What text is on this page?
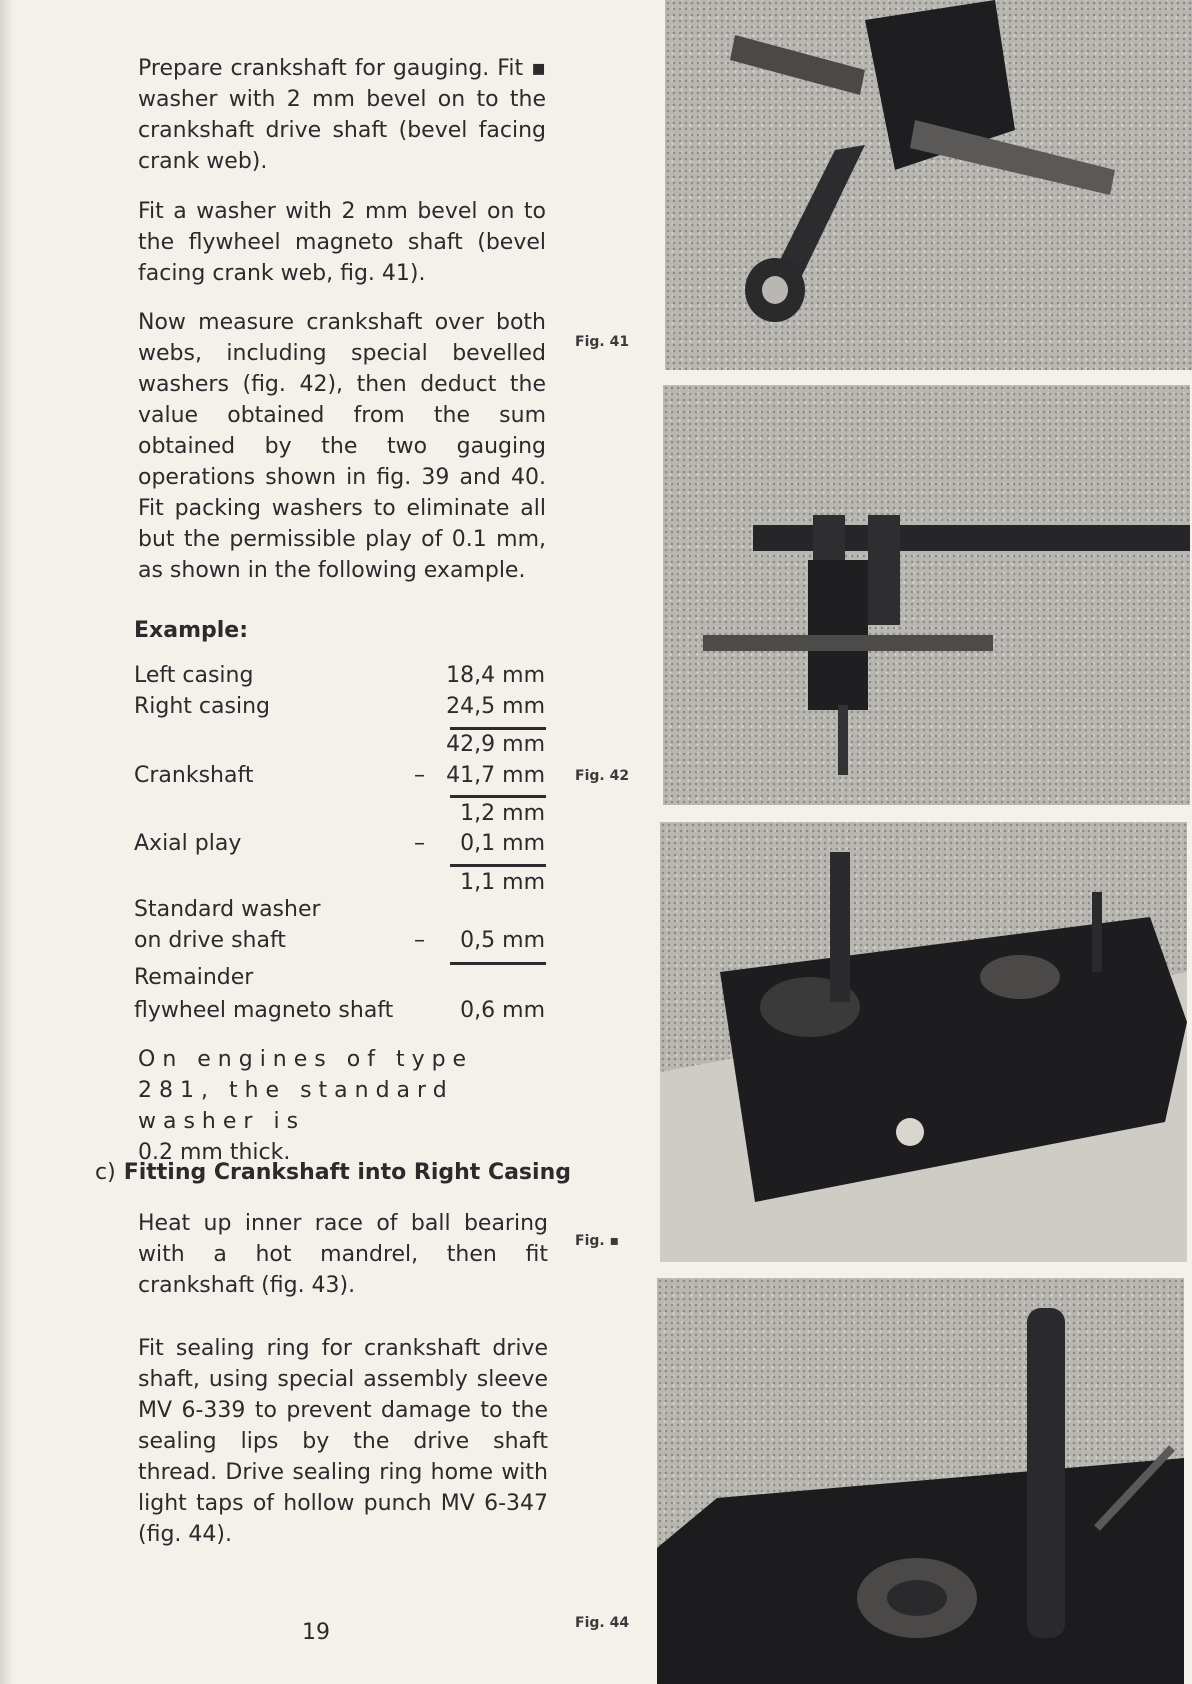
Prepare crankshaft for gauging. Fit ▪ washer with 2 mm bevel on to the crankshaft drive shaft (bevel facing crank web).

Fit a washer with 2 mm bevel on to the flywheel magneto shaft (bevel facing crank web, fig. 41).

Now measure crankshaft over both webs, including special bevelled washers (fig. 42), then deduct the value obtained from the sum obtained by the two gauging operations shown in fig. 39 and 40. Fit packing washers to eliminate all but the permissible play of 0.1 mm, as shown in the following example.

Example:
Left casing	18,4 mm
Right casing	24,5 mm
42,9 mm
Crankshaft	– 41,7 mm
1,2 mm
Axial play	–	0,1 mm
1,1 mm
Standard washer
on drive shaft	–	0,5 mm
Remainder
flywheel magneto shaft	0,6 mm

On engines of type 281, the standard washer is
0.2 mm thick.

c) Fitting Crankshaft into Right Casing

Heat up inner race of ball bearing with a hot mandrel, then fit crankshaft (fig. 43).

Fit sealing ring for crankshaft drive shaft, using special assembly sleeve MV 6-339 to prevent damage to the sealing lips by the drive shaft thread. Drive sealing ring home with light taps of hollow punch MV 6-347 (fig. 44).

Fig. 41
Fig. 42
Fig. ▪
Fig. 44
19
